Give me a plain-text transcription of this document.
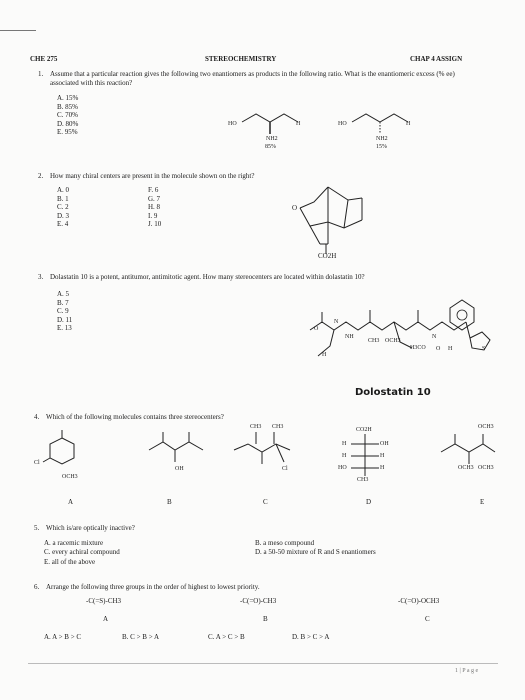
CHE 275	STEREOCHEMISTRY	CHAP 4 ASSIGN
1. Assume that a particular reaction gives the following two enantiomers as products in the following ratio. What is the enantiomeric excess (% ee) associated with this reaction?
A. 15%
B. 85%
C. 70%
D. 80%
E. 95%
HO	H
NH2
85%
HO	H
NH2
15%
2. How many chiral centers are present in the molecule shown on the right?
A. 0
B. 1
C. 2
D. 3
E. 4
F. 6
G. 7
H. 8
I. 9
J. 10
O
CO2H
3. Dolastatin 10 is a potent, antitumor, antimitotic agent. How many stereocenters are located within dolastatin 10?
A. 5
B. 7
C. 9
D. 11
E. 13	O
N
NH
H
CH3 OCH3
H3CO
N
S
O H
Dolostatin 10
4. Which of the following molecules contains three stereocenters?
Cl
OCH3
OH
CH3 CH3
Cl
CO2H
H	OH
H	H
HO	H
CH3
OCH3
OCH3 OCH3
A	B	C	D	E
5. Which is/are optically inactive?
A. a racemic mixture	B. a meso compound
C. every achiral compound	D. a 50-50 mixture of R and S enantiomers
E. all of the above
6. Arrange the following three groups in the order of highest to lowest priority.
-C(=S)-CH3	-C(=O)-CH3	-C(=O)-OCH3
A	B	C
A. A > B > C	B. C > B > A	C. A > C > B	D. B > C > A
1 | P a g e
